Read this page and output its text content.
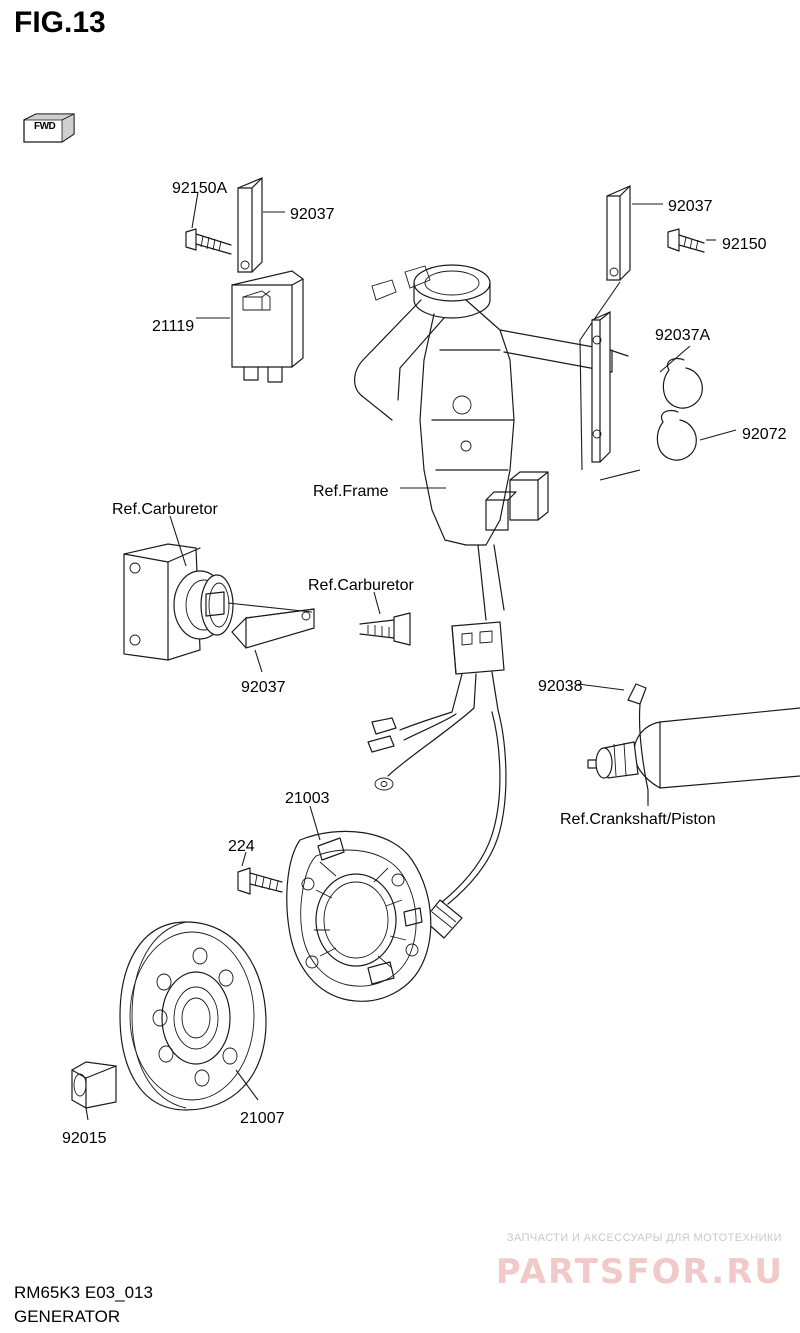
FIG.13
FWD
92150A
92037	92037
92150
21119
92037A
92072
Ref.Frame
Ref.Carburetor
Ref.Carburetor
92037	92038
Ref.Crankshaft/Piston
21003
224
21007
92015
ЗАПЧАСТИ И АКСЕССУАРЫ ДЛЯ МОТОТЕХНИКИ
PARTSFOR.RU
RM65K3 E03_013
GENERATOR
